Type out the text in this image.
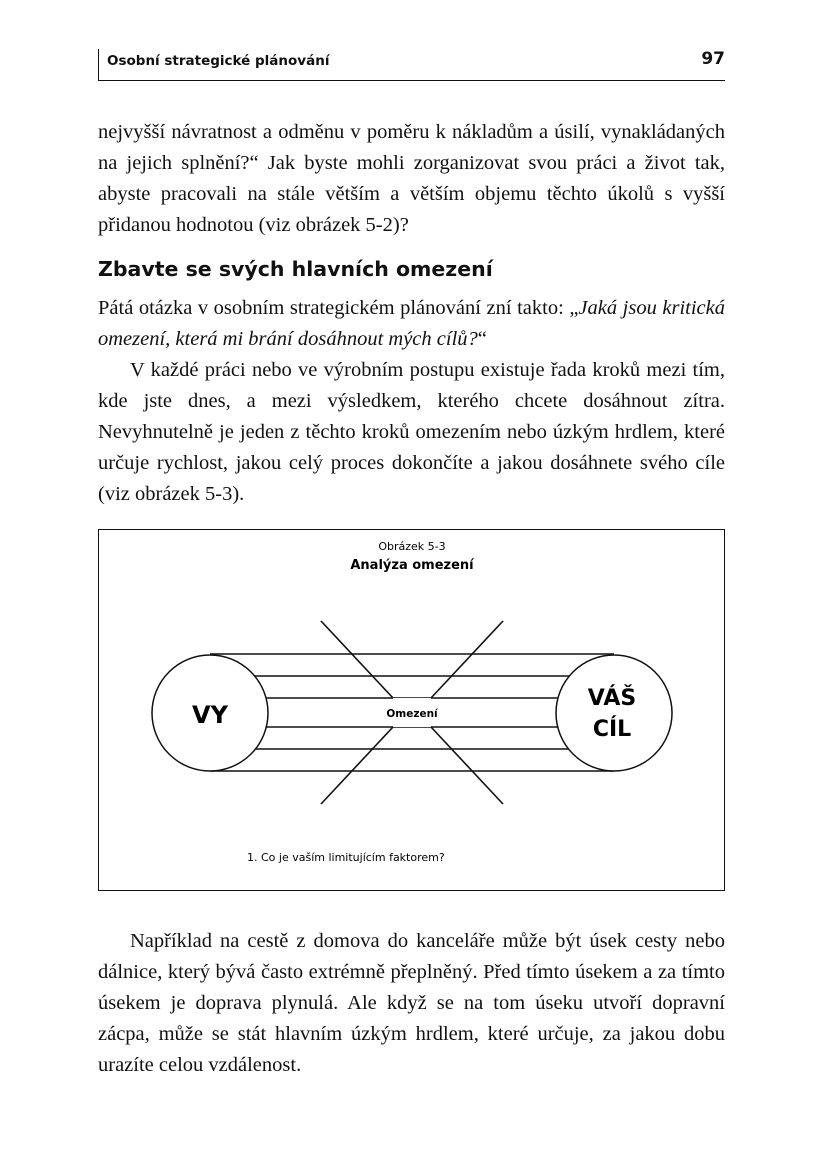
Osobní strategické plánování	97

nejvyšší návratnost a odměnu v poměru k nákladům a úsilí, vynakládaných na jejich splnění?“ Jak byste mohli zorganizovat svou práci a život tak, abyste pracovali na stále větším a větším objemu těchto úkolů s vyšší přidanou hodnotou (viz obrázek 5-2)?

Zbavte se svých hlavních omezení

Pátá otázka v osobním strategickém plánování zní takto: „Jaká jsou kritická omezení, která mi brání dosáhnout mých cílů?“

V každé práci nebo ve výrobním postupu existuje řada kroků mezi tím, kde jste dnes, a mezi výsledkem, kterého chcete dosáhnout zítra. Nevyhnutelně je jeden z těchto kroků omezením nebo úzkým hrdlem, které určuje rychlost, jakou celý proces dokončíte a jakou dosáhnete svého cíle (viz obrázek 5-3).

Obrázek 5-3
Analýza omezení
Omezení
VY
VÁŠ
CÍL
1. Co je vaším limitujícím faktorem?

Například na cestě z domova do kanceláře může být úsek cesty nebo dálnice, který bývá často extrémně přeplněný. Před tímto úsekem a za tímto úsekem je doprava plynulá. Ale když se na tom úseku utvoří dopravní zácpa, může se stát hlavním úzkým hrdlem, které určuje, za jakou dobu urazíte celou vzdálenost.
